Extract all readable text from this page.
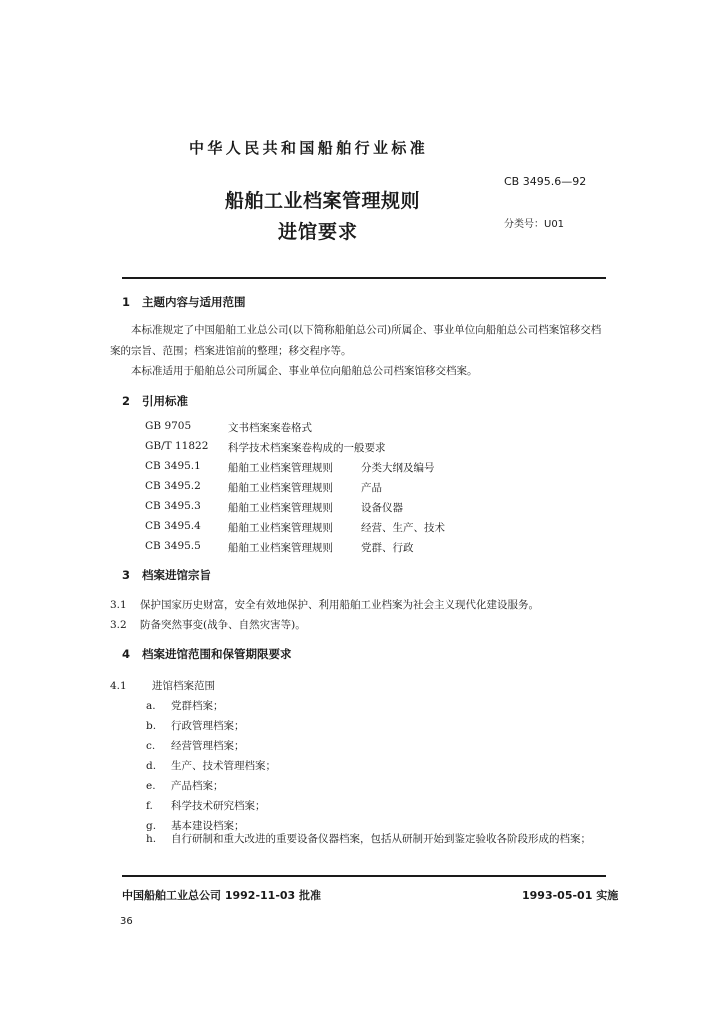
中华人民共和国船舶行业标准
CB 3495.6—92
船舶工业档案管理规则
进馆要求	分类号：U01
1 主题内容与适用范围
本标准规定了中国船舶工业总公司(以下简称船舶总公司)所属企、事业单位向船舶总公司档案馆移交档案的宗旨、范围；档案进馆前的整理；移交程序等。
本标准适用于船舶总公司所属企、事业单位向船舶总公司档案馆移交档案。
2 引用标准
GB 9705	文书档案案卷格式
GB/T 11822 科学技术档案案卷构成的一般要求
CB 3495.1	船舶工业档案管理规则	分类大纲及编号
CB 3495.2	船舶工业档案管理规则	产品
CB 3495.3	船舶工业档案管理规则	设备仪器
CB 3495.4	船舶工业档案管理规则	经营、生产、技术
CB 3495.5	船舶工业档案管理规则	党群、行政
3 档案进馆宗旨
3.1 保护国家历史财富，安全有效地保护、利用船舶工业档案为社会主义现代化建设服务。
3.2 防备突然事变(战争、自然灾害等)。
4 档案进馆范围和保管期限要求
4.1 进馆档案范围
a. 党群档案；
b. 行政管理档案；
c. 经营管理档案；
d. 生产、技术管理档案；
e. 产品档案；
f. 科学技术研究档案；
g. 基本建设档案；
h. 自行研制和重大改进的重要设备仪器档案，包括从研制开始到鉴定验收各阶段形成的档案；
中国船舶工业总公司 1992-11-03 批准	1993-05-01 实施
36
